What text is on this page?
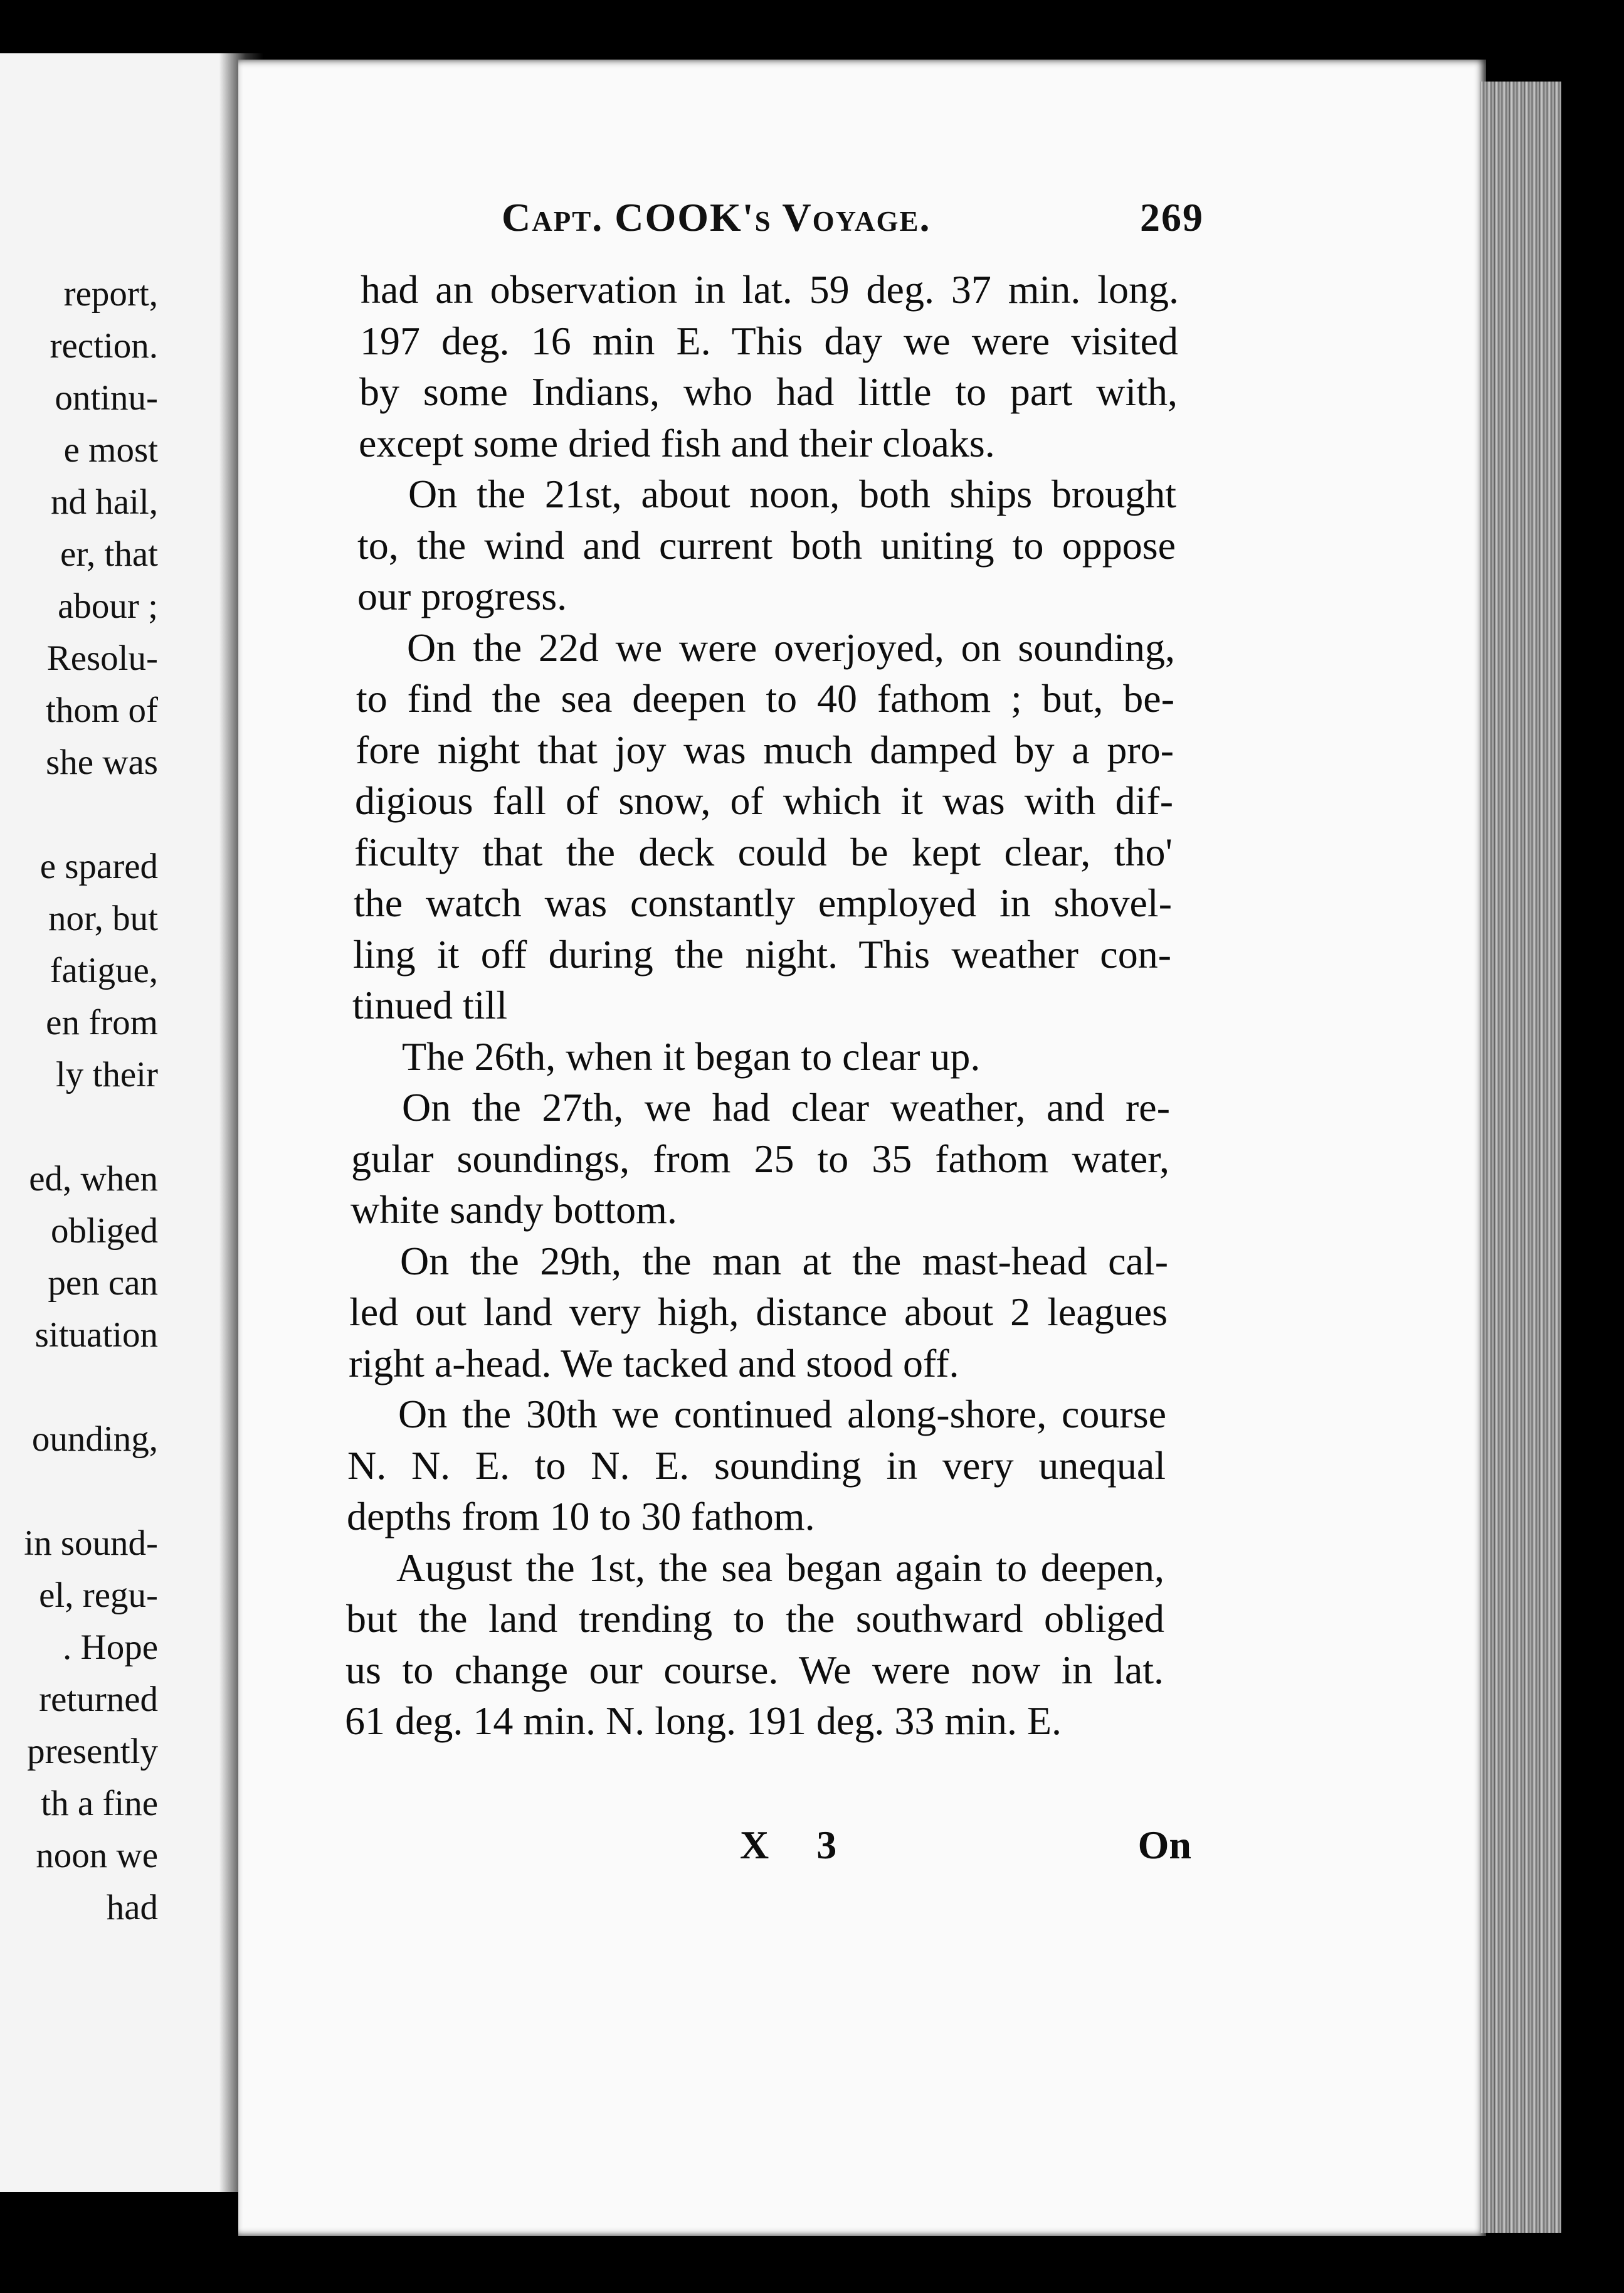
report,
rection.
ontinu-
e most
nd hail,
er, that
abour ;
Resolu-
thom of
she was
e spared
nor, but
fatigue,
en from
ly their
ed, when
obliged
pen can
situation
ounding,
in sound-
el, regu-
. Hope
returned
presently
th a fine
noon we
had
Capt. COOK's Voyage.	269
had an observation in lat. 59 deg. 37 min. long.
197 deg. 16 min E. This day we were visited
by some Indians, who had little to part with,
except some dried fish and their cloaks.
On the 21st, about noon, both ships brought
to, the wind and current both uniting to oppose
our progress.
On the 22d we were overjoyed, on sounding,
to find the sea deepen to 40 fathom ; but, be-
fore night that joy was much damped by a pro-
digious fall of snow, of which it was with dif-
ficulty that the deck could be kept clear, tho'
the watch was constantly employed in shovel-
ling it off during the night. This weather con-
tinued till
The 26th, when it began to clear up.
On the 27th, we had clear weather, and re-
gular soundings, from 25 to 35 fathom water,
white sandy bottom.
On the 29th, the man at the mast-head cal-
led out land very high, distance about 2 leagues
right a-head. We tacked and stood off.
On the 30th we continued along-shore, course
N. N. E. to N. E. sounding in very unequal
depths from 10 to 30 fathom.
August the 1st, the sea began again to deepen,
but the land trending to the southward obliged
us to change our course. We were now in lat.
61 deg. 14 min. N. long. 191 deg. 33 min. E.
X 3	On
